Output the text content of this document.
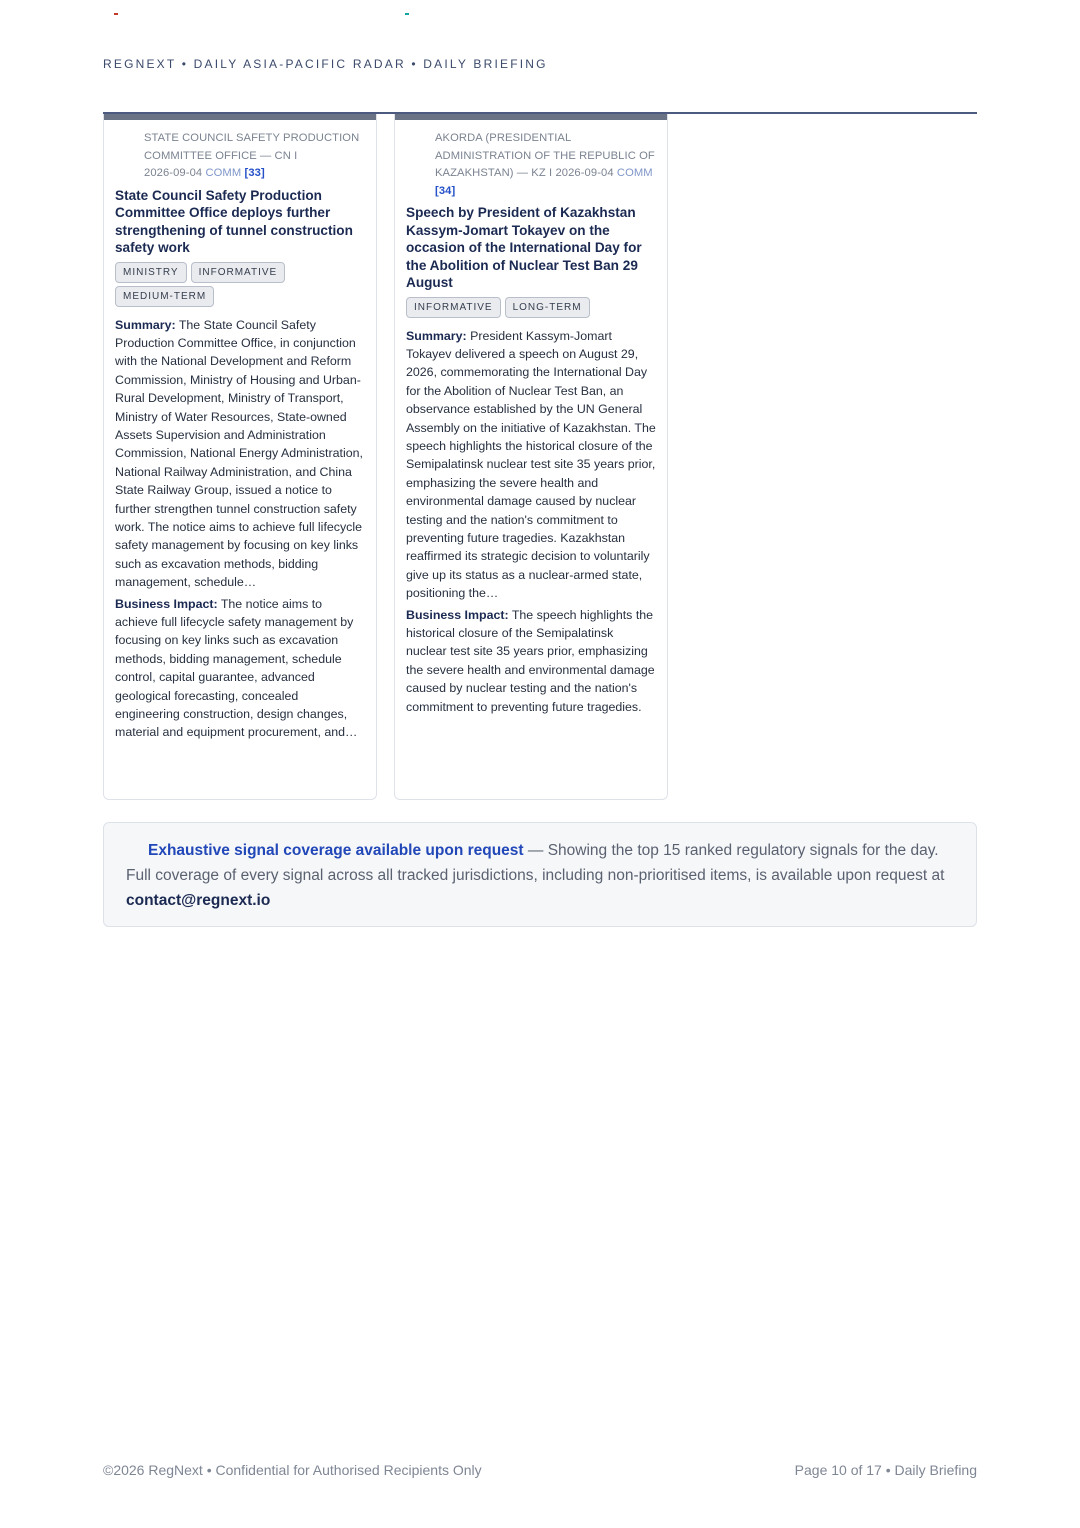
REGNEXT • DAILY ASIA-PACIFIC RADAR • DAILY BRIEFING
STATE COUNCIL SAFETY PRODUCTION COMMITTEE OFFICE — CN I
2026-09-04 COMM [33]
State Council Safety Production Committee Office deploys further strengthening of tunnel construction safety work
MINISTRY INFORMATIVEMEDIUM-TERM
Summary: The State Council Safety Production Committee Office, in conjunction with the National Development and Reform Commission, Ministry of Housing and Urban-Rural Development, Ministry of Transport, Ministry of Water Resources, State-owned Assets Supervision and Administration Commission, National Energy Administration, National Railway Administration, and China State Railway Group, issued a notice to further strengthen tunnel construction safety work. The notice aims to achieve full lifecycle safety management by focusing on key links such as excavation methods, bidding management, schedule…
Business Impact: The notice aims to achieve full lifecycle safety management by focusing on key links such as excavation methods, bidding management, schedule control, capital guarantee, advanced geological forecasting, concealed engineering construction, design changes, material and equipment procurement, and…
AKORDA (PRESIDENTIAL ADMINISTRATION OF THE REPUBLIC OF KAZAKHSTAN) — KZ I 2026-09-04 COMM [34]
Speech by President of Kazakhstan Kassym-Jomart Tokayev on the occasion of the International Day for the Abolition of Nuclear Test Ban 29 August
INFORMATIVE LONG-TERM
Summary: President Kassym-Jomart Tokayev delivered a speech on August 29, 2026, commemorating the International Day for the Abolition of Nuclear Test Ban, an observance established by the UN General Assembly on the initiative of Kazakhstan. The speech highlights the historical closure of the Semipalatinsk nuclear test site 35 years prior, emphasizing the severe health and environmental damage caused by nuclear testing and the nation's commitment to preventing future tragedies. Kazakhstan reaffirmed its strategic decision to voluntarily give up its status as a nuclear-armed state, positioning the…
Business Impact: The speech highlights the historical closure of the Semipalatinsk nuclear test site 35 years prior, emphasizing the severe health and environmental damage caused by nuclear testing and the nation's commitment to preventing future tragedies.
Exhaustive signal coverage available upon request — Showing the top 15 ranked regulatory signals for the day. Full coverage of every signal across all tracked jurisdictions, including non-prioritised items, is available upon request at contact@regnext.io
©2026 RegNext • Confidential for Authorised Recipients Only	Page 10 of 17 • Daily Briefing
